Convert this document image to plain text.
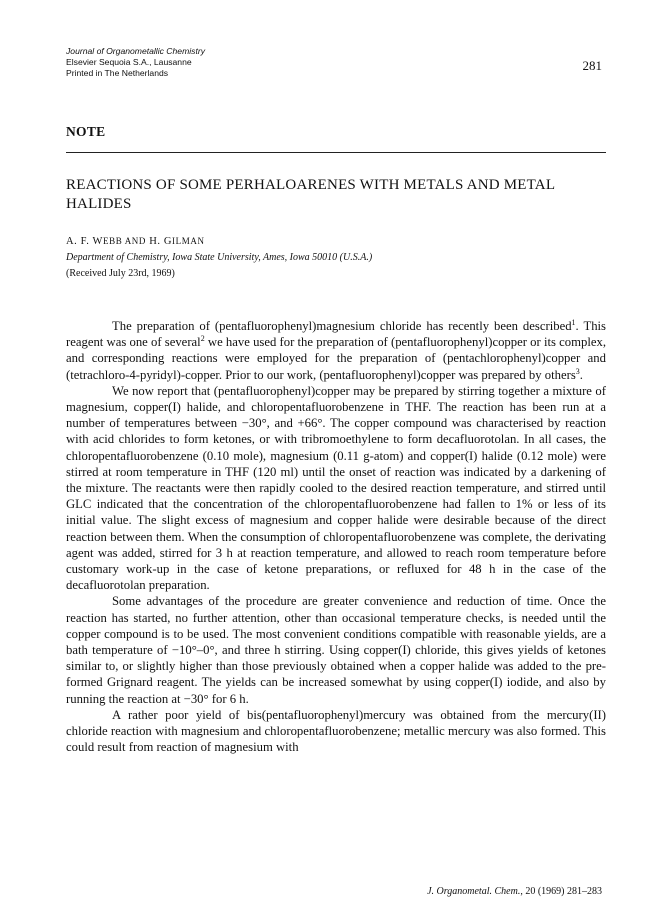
Journal of Organometallic Chemistry
Elsevier Sequoia S.A., Lausanne
Printed in The Netherlands	281
NOTE
REACTIONS OF SOME PERHALOARENES WITH METALS AND METAL HALIDES
A. F. WEBB AND H. GILMAN
Department of Chemistry, Iowa State University, Ames, Iowa 50010 (U.S.A.)
(Received July 23rd, 1969)

The preparation of (pentafluorophenyl)magnesium chloride has recently been described$^1$. This reagent was one of several$^2$ we have used for the preparation of (pentafluorophenyl)copper or its complex, and corresponding reactions were employed for the preparation of (pentachlorophenyl)copper and (tetrachloro-4-pyridyl)-copper. Prior to our work, (pentafluorophenyl)copper was prepared by others$^3$.

We now report that (pentafluorophenyl)copper may be prepared by stirring together a mixture of magnesium, copper(I) halide, and chloropentafluorobenzene in THF. The reaction has been run at a number of temperatures between −30°, and +66°. The copper compound was characterised by reaction with acid chlorides to form ketones, or with tribromoethylene to form decafluorotolan. In all cases, the chloropentafluorobenzene (0.10 mole), magnesium (0.11 g-atom) and copper(I) halide (0.12 mole) were stirred at room temperature in THF (120 ml) until the onset of reaction was indicated by a darkening of the mixture. The reactants were then rapidly cooled to the desired reaction temperature, and stirred until GLC indicated that the concentration of the chloropentafluorobenzene had fallen to 1% or less of its initial value. The slight excess of magnesium and copper halide were desirable because of the direct reaction between them. When the consumption of chloropentafluorobenzene was complete, the derivating agent was added, stirred for 3 h at reaction temperature, and allowed to reach room temperature before customary work-up in the case of ketone preparations, or refluxed for 48 h in the case of the decafluorotolan preparation.

Some advantages of the procedure are greater convenience and reduction of time. Once the reaction has started, no further attention, other than occasional temperature checks, is needed until the copper compound is to be used. The most convenient conditions compatible with reasonable yields, are a bath temperature of −10°–0°, and three h stirring. Using copper(I) chloride, this gives yields of ketones similar to, or slightly higher than those previously obtained when a copper halide was added to the pre-formed Grignard reagent. The yields can be increased somewhat by using copper(I) iodide, and also by running the reaction at −30° for 6 h.

A rather poor yield of bis(pentafluorophenyl)mercury was obtained from the mercury(II) chloride reaction with magnesium and chloropentafluorobenzene; metallic mercury was also formed. This could result from reaction of magnesium with

J. Organometal. Chem., 20 (1969) 281–283
